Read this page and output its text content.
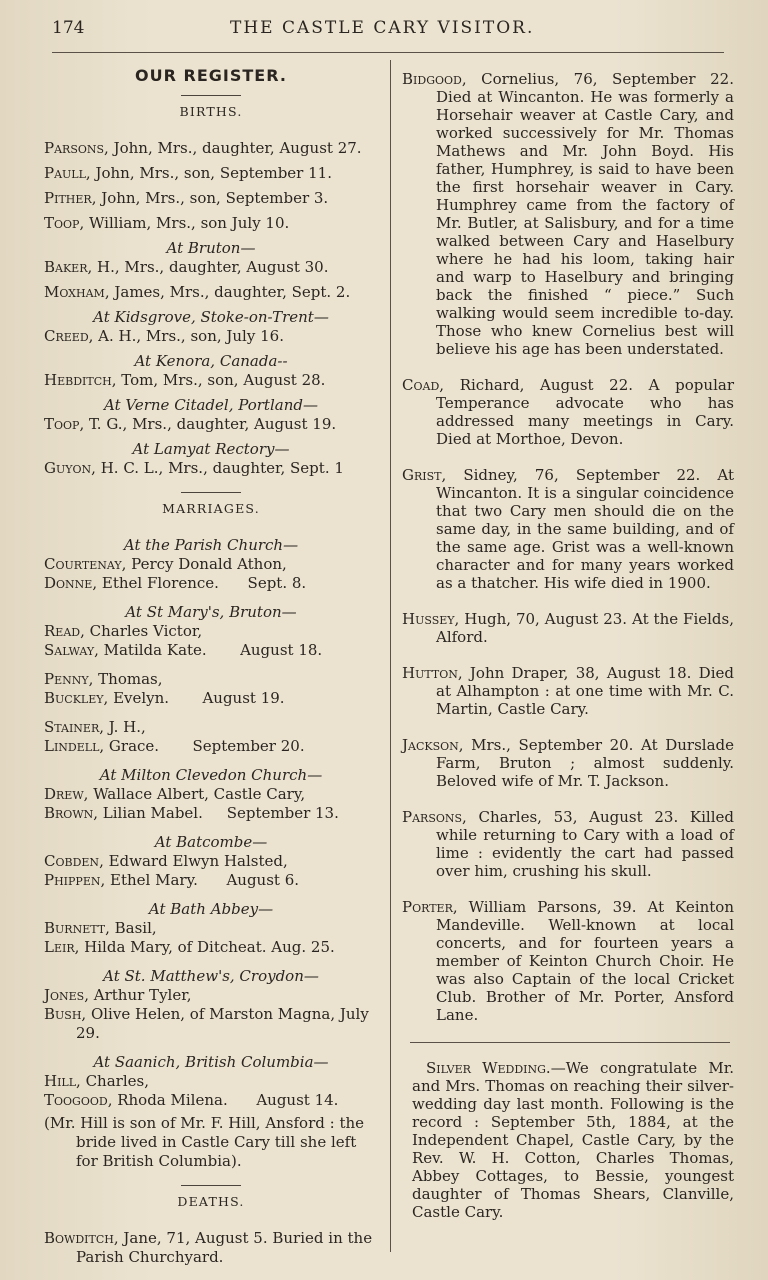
174	THE CASTLE CARY VISITOR.
OUR REGISTER.
BIRTHS.
Parsons, John, Mrs., daughter, August 27.
Paull, John, Mrs., son, September 11.
Pither, John, Mrs., son, September 3.
Toop, William, Mrs., son July 10.
At Bruton—
Baker, H., Mrs., daughter, August 30.
Moxham, James, Mrs., daughter, Sept. 2.
At Kidsgrove, Stoke-on-Trent—
Creed, A. H., Mrs., son, July 16.
At Kenora, Canada--
Hebditch, Tom, Mrs., son, August 28.
At Verne Citadel, Portland—
Toop, T. G., Mrs., daughter, August 19.
At Lamyat Rectory—
Guyon, H. C. L., Mrs., daughter, Sept. 1
MARRIAGES.
At the Parish Church—
Courtenay, Percy Donald Athon,
Donne, Ethel Florence.      Sept. 8.
At St Mary's, Bruton—
Read, Charles Victor,
Salway, Matilda Kate.       August 18.
Penny, Thomas,
Buckley, Evelyn.       August 19.
Stainer, J. H.,
Lindell, Grace.       September 20.
At Milton Clevedon Church—
Drew, Wallace Albert, Castle Cary,
Brown, Lilian Mabel.     September 13.
At Batcombe—
Cobden, Edward Elwyn Halsted,
Phippen, Ethel Mary.      August 6.
At Bath Abbey—
Burnett, Basil,
Leir, Hilda Mary, of Ditcheat. Aug. 25.
At St. Matthew's, Croydon—
Jones, Arthur Tyler,
Bush, Olive Helen, of Marston Magna, July 29.
At Saanich, British Columbia—
Hill, Charles,
Toogood, Rhoda Milena.      August 14.
(Mr. Hill is son of Mr. F. Hill, Ansford : the bride lived in Castle Cary till she left for British Columbia).
DEATHS.
Bowditch, Jane, 71, August 5. Buried in the Parish Churchyard.
Bidgood, Cornelius, 76, September 22. Died at Wincanton. He was formerly a Horsehair weaver at Castle Cary, and worked successively for Mr. Thomas Mathews and Mr. John Boyd. His father, Humphrey, is said to have been the first horsehair weaver in Cary. Humphrey came from the factory of Mr. Butler, at Salisbury, and for a time walked between Cary and Haselbury where he had his loom, taking hair and warp to Haselbury and bringing back the finished “ piece.” Such walking would seem incredible to-day. Those who knew Cornelius best will believe his age has been understated.
Coad, Richard, August 22. A popular Temperance advocate who has addressed many meetings in Cary. Died at Morthoe, Devon.
Grist, Sidney, 76, September 22. At Wincanton. It is a singular coincidence that two Cary men should die on the same day, in the same building, and of the same age. Grist was a well-known character and for many years worked as a thatcher. His wife died in 1900.
Hussey, Hugh, 70, August 23. At the Fields, Alford.
Hutton, John Draper, 38, August 18. Died at Alhampton : at one time with Mr. C. Martin, Castle Cary.
Jackson, Mrs., September 20. At Durslade Farm, Bruton ; almost suddenly. Beloved wife of Mr. T. Jackson.
Parsons, Charles, 53, August 23. Killed while returning to Cary with a load of lime : evidently the cart had passed over him, crushing his skull.
Porter, William Parsons, 39. At Keinton Mandeville. Well-known at local concerts, and for fourteen years a member of Keinton Church Choir. He was also Captain of the local Cricket Club. Brother of Mr. Porter, Ansford Lane.
Silver Wedding.—We congratulate Mr. and Mrs. Thomas on reaching their silver-wedding day last month. Following is the record : September 5th, 1884, at the Independent Chapel, Castle Cary, by the Rev. W. H. Cotton, Charles Thomas, Abbey Cottages, to Bessie, youngest daughter of Thomas Shears, Clanville, Castle Cary.
